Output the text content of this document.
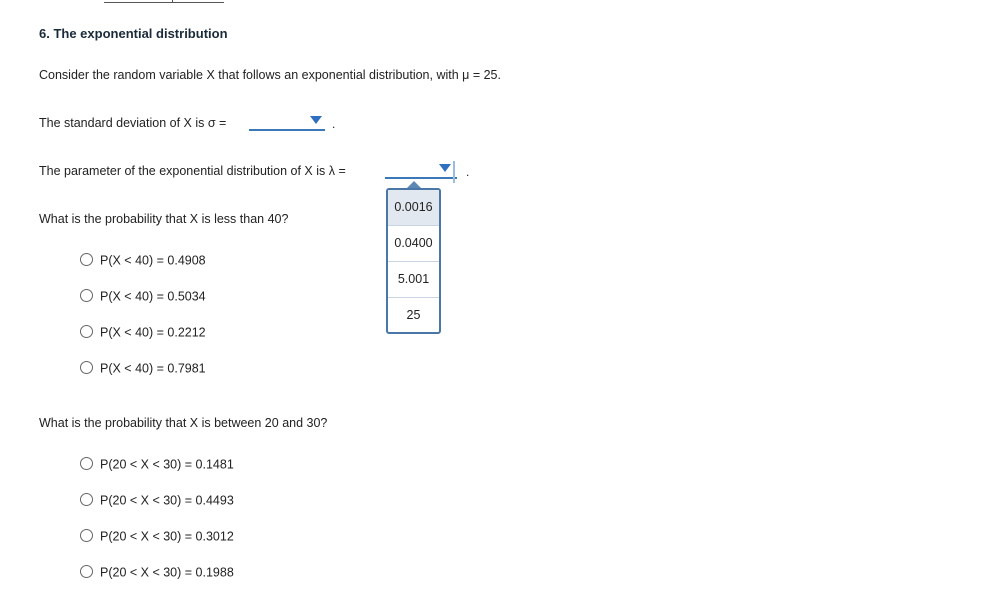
6. The exponential distribution
Consider the random variable X that follows an exponential distribution, with μ = 25.
The standard deviation of X is σ =	.
The parameter of the exponential distribution of X is λ =	.
0.0016
0.0400
5.001
25
What is the probability that X is less than 40?
P(X < 40) = 0.4908
P(X < 40) = 0.5034
P(X < 40) = 0.2212
P(X < 40) = 0.7981
What is the probability that X is between 20 and 30?
P(20 < X < 30) = 0.1481
P(20 < X < 30) = 0.4493
P(20 < X < 30) = 0.3012
P(20 < X < 30) = 0.1988
